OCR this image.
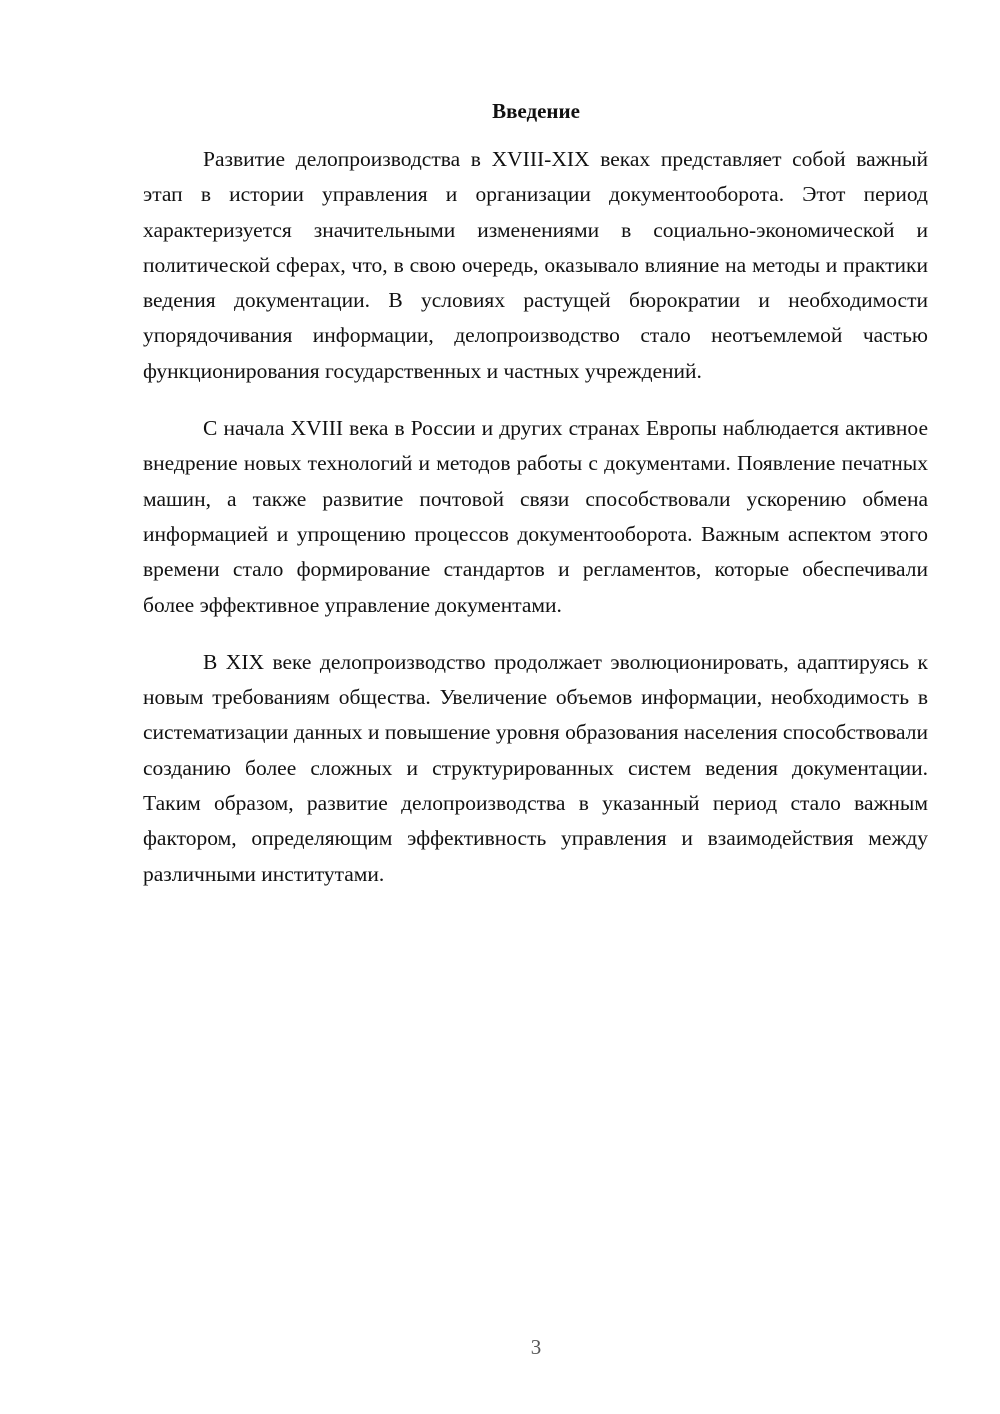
Введение

Развитие делопроизводства в XVIII-XIX веках представляет собой важный этап в истории управления и организации документооборота. Этот период характеризуется значительными изменениями в социально-экономической и политической сферах, что, в свою очередь, оказывало влияние на методы и практики ведения документации. В условиях растущей бюрократии и необходимости упорядочивания информации, делопроизводство стало неотъемлемой частью функционирования государственных и частных учреждений.

С начала XVIII века в России и других странах Европы наблюдается активное внедрение новых технологий и методов работы с документами. Появление печатных машин, а также развитие почтовой связи способствовали ускорению обмена информацией и упрощению процессов документооборота. Важным аспектом этого времени стало формирование стандартов и регламентов, которые обеспечивали более эффективное управление документами.

В XIX веке делопроизводство продолжает эволюционировать, адаптируясь к новым требованиям общества. Увеличение объемов информации, необходимость в систематизации данных и повышение уровня образования населения способствовали созданию более сложных и структурированных систем ведения документации. Таким образом, развитие делопроизводства в указанный период стало важным фактором, определяющим эффективность управления и взаимодействия между различными институтами.

3
